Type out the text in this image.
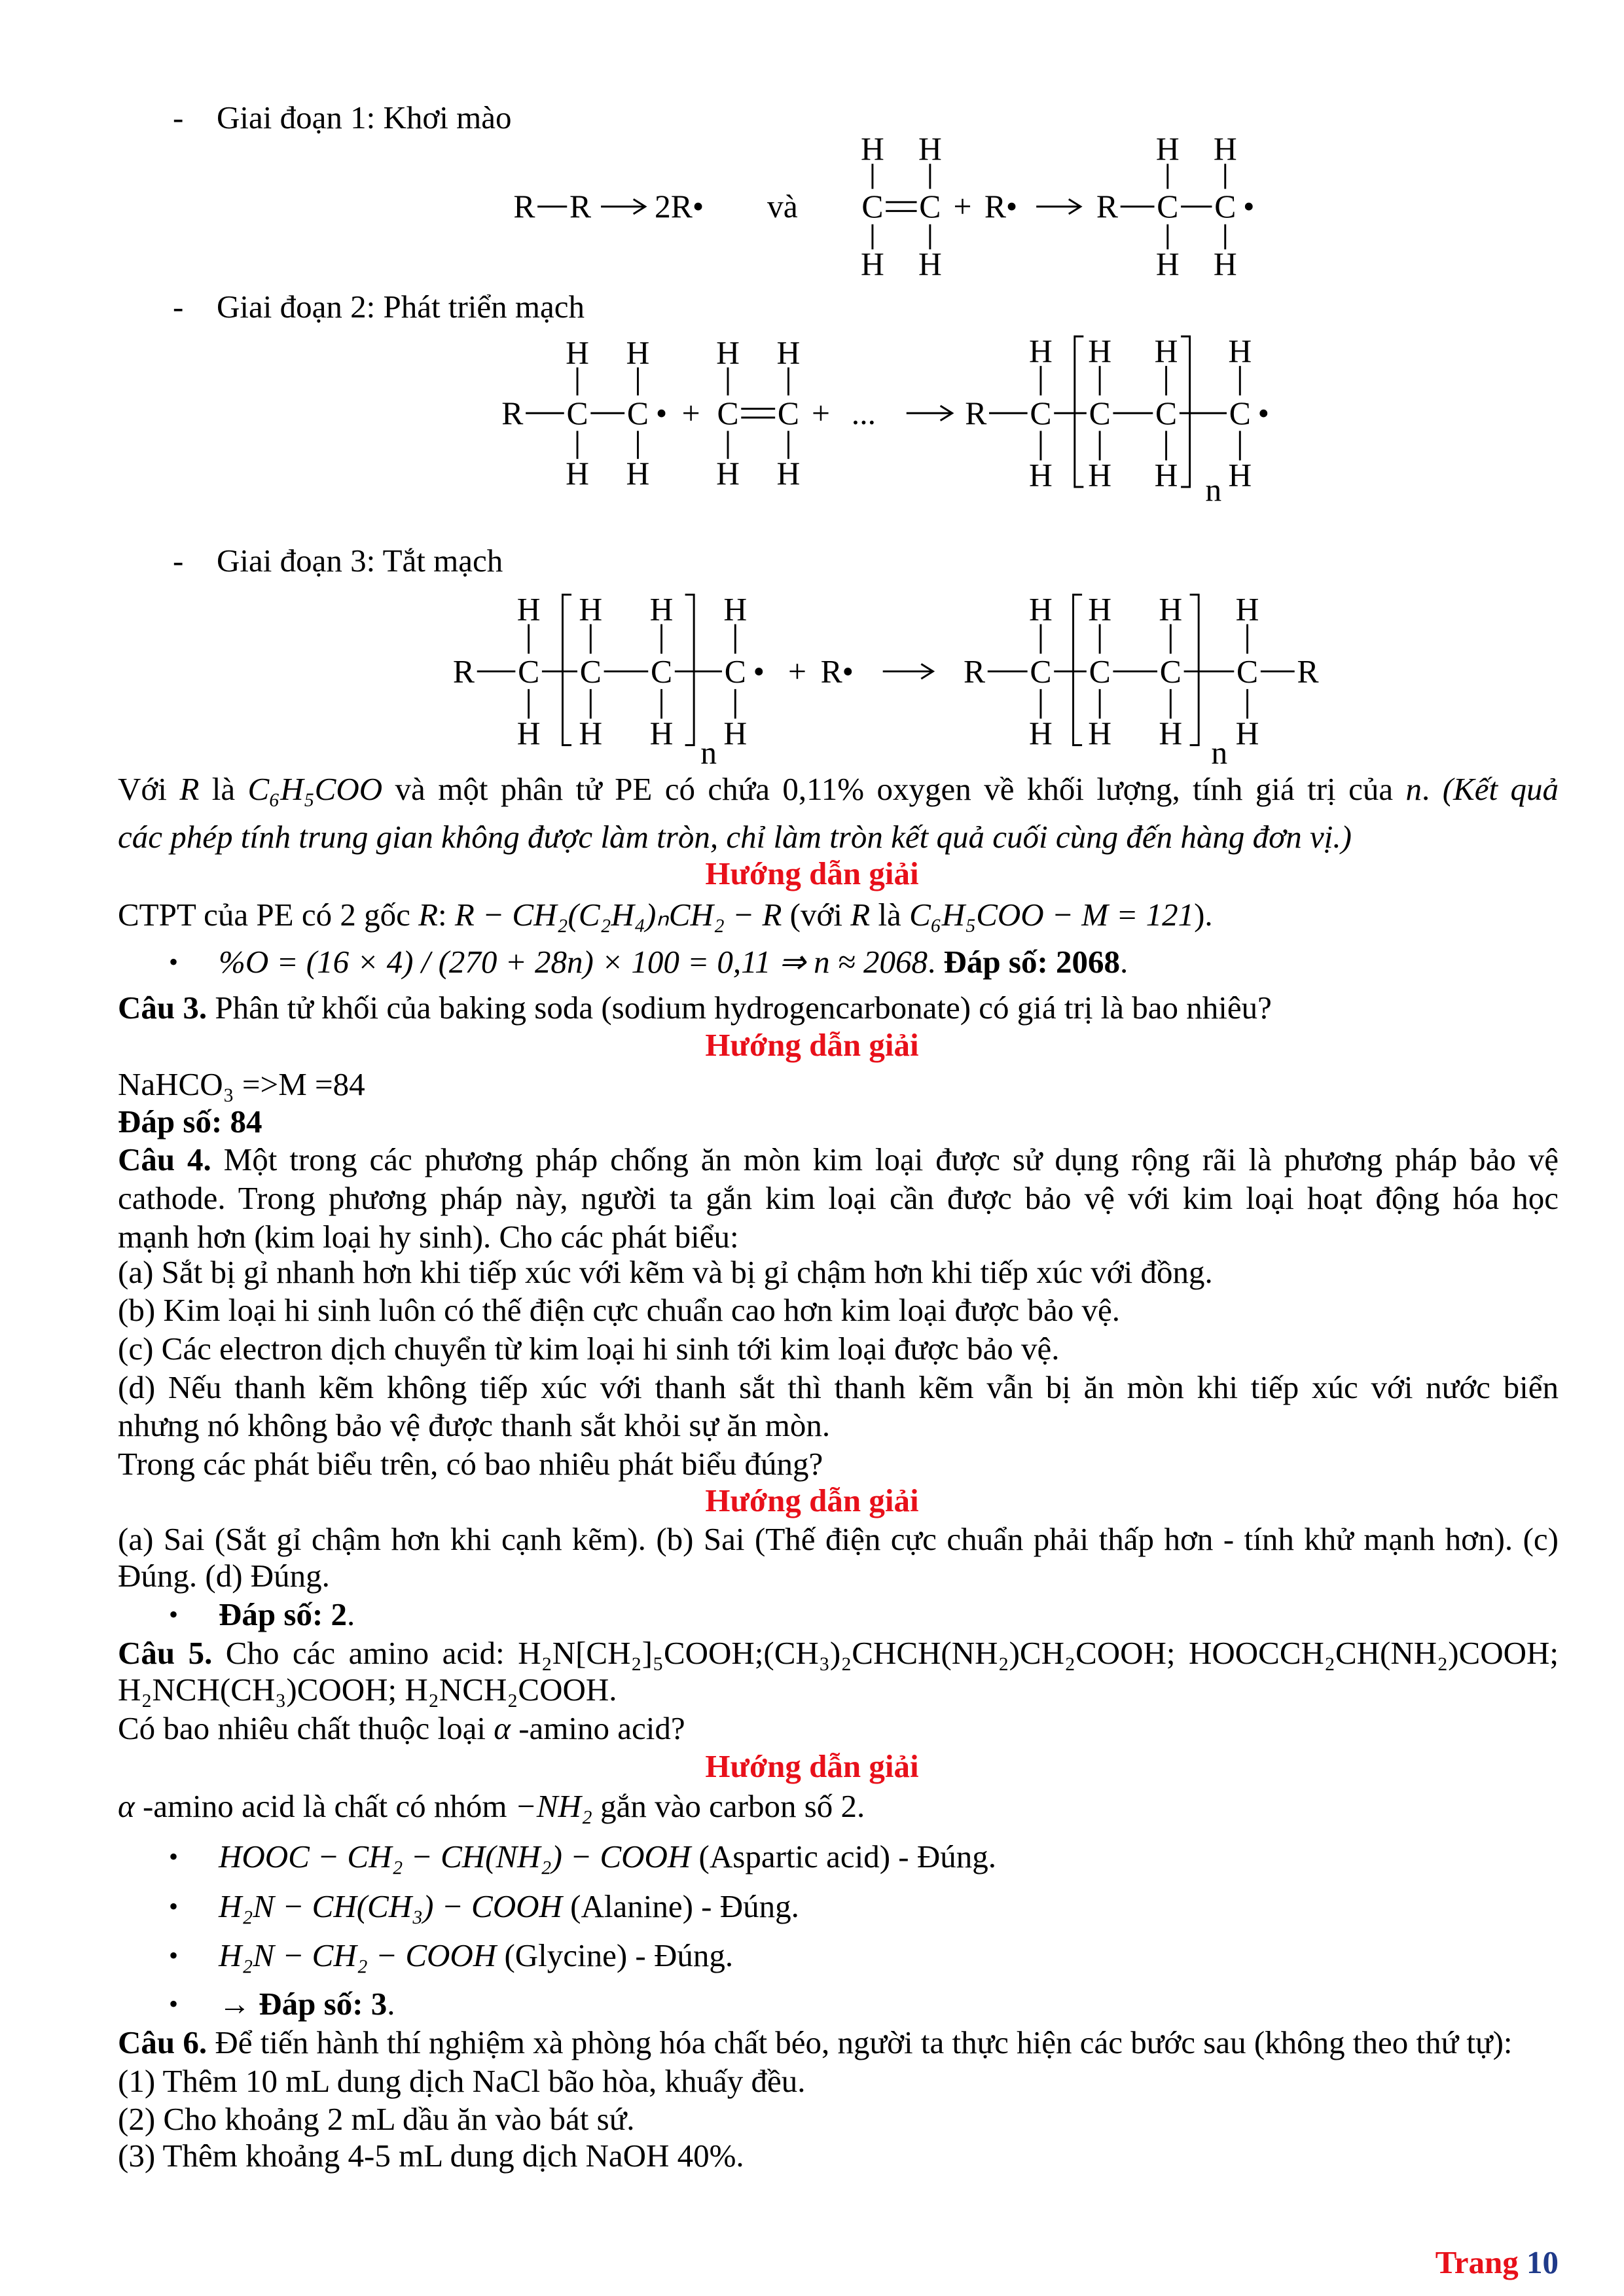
- Giai đoạn 1: Khơi mào
- Giai đoạn 2: Phát triển mạch
- Giai đoạn 3: Tắt mạch
R R	2R•	và
H
C
H
H
C
H
+ R•	R
H
C
H
H
C
H
•
R
H
C
H
H
C
H
• +
H
C
H
H
C
H
+ ...	R
H
C
H
H
C
H
H
C
H n
H
C
H
•
R
H
C
H
H
C
H
H
C
H
n
H
C
H
• + R•	R
H
C
H
H
C
H
H
C
H
n
H
C
H
R
Với R là C₆H₅COO và một phân tử PE có chứa 0,11% oxygen về khối lượng, tính giá trị của n. (Kết quả
các phép tính trung gian không được làm tròn, chỉ làm tròn kết quả cuối cùng đến hàng đơn vị.)
Hướng dẫn giải
CTPT của PE có 2 gốc R: R − CH₂(C₂H₄)ₙCH₂ − R (với R là C₆H₅COO − M = 121).
• %O = (16 × 4) / (270 + 28n) × 100 = 0,11 ⇒ n ≈ 2068. Đáp số: 2068.
Câu 3. Phân tử khối của baking soda (sodium hydrogencarbonate) có giá trị là bao nhiêu?
Hướng dẫn giải
NaHCO₃ =>M =84
Đáp số: 84
Câu 4. Một trong các phương pháp chống ăn mòn kim loại được sử dụng rộng rãi là phương pháp bảo vệ
cathode. Trong phương pháp này, người ta gắn kim loại cần được bảo vệ với kim loại hoạt động hóa học
mạnh hơn (kim loại hy sinh). Cho các phát biểu:
(a) Sắt bị gỉ nhanh hơn khi tiếp xúc với kẽm và bị gỉ chậm hơn khi tiếp xúc với đồng.
(b) Kim loại hi sinh luôn có thế điện cực chuẩn cao hơn kim loại được bảo vệ.
(c) Các electron dịch chuyển từ kim loại hi sinh tới kim loại được bảo vệ.
(d) Nếu thanh kẽm không tiếp xúc với thanh sắt thì thanh kẽm vẫn bị ăn mòn khi tiếp xúc với nước biển
nhưng nó không bảo vệ được thanh sắt khỏi sự ăn mòn.
Trong các phát biểu trên, có bao nhiêu phát biểu đúng?
Hướng dẫn giải
(a) Sai (Sắt gỉ chậm hơn khi cạnh kẽm). (b) Sai (Thế điện cực chuẩn phải thấp hơn - tính khử mạnh hơn). (c)
Đúng. (d) Đúng.
• Đáp số: 2.
Câu 5. Cho các amino acid: H₂N[CH₂]₅COOH;(CH₃)₂CHCH(NH₂)CH₂COOH; HOOCCH₂CH(NH₂)COOH;
H₂NCH(CH₃)COOH; H₂NCH₂COOH.
Có bao nhiêu chất thuộc loại α -amino acid?
Hướng dẫn giải
α -amino acid là chất có nhóm −NH₂ gắn vào carbon số 2.
• HOOC − CH₂ − CH(NH₂) − COOH (Aspartic acid) - Đúng.
• H₂N − CH(CH₃) − COOH (Alanine) - Đúng.
• H₂N − CH₂ − COOH (Glycine) - Đúng.
• → Đáp số: 3.
Câu 6. Để tiến hành thí nghiệm xà phòng hóa chất béo, người ta thực hiện các bước sau (không theo thứ tự):
(1) Thêm 10 mL dung dịch NaCl bão hòa, khuấy đều.
(2) Cho khoảng 2 mL dầu ăn vào bát sứ.
(3) Thêm khoảng 4-5 mL dung dịch NaOH 40%.
Trang 10
